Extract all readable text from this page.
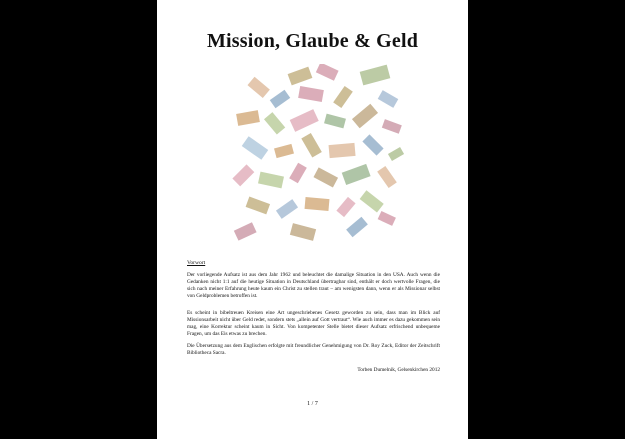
Mission, Glaube & Geld
Vorwort

Der vorliegende Aufsatz ist aus dem Jahr 1962 und beleuchtet die damalige Situation in den USA. Auch wenn die Gedanken nicht 1:1 auf die heutige Situation in Deutschland übertragbar sind, enthält er doch wertvolle Fragen, die sich nach meiner Erfahrung heute kaum ein Christ zu stellen traut – am wenigsten dann, wenn er als Missionar selbst von Geldproblemen betroffen ist.

Es scheint in bibeltreuen Kreisen eine Art ungeschriebenes Gesetz geworden zu sein, dass man im Blick auf Missionsarbeit nicht über Geld redet, sondern stets „allein auf Gott vertraut“. Wie auch immer es dazu gekommen sein mag, eine Korrektur scheint kaum in Sicht. Von kompetenter Stelle bietet dieser Aufsatz erfrischend unbequeme Fragen, um das Eis etwas zu brechen.

Die Übersetzung aus dem Englischen erfolgte mit freundlicher Genehmigung von Dr. Roy Zuck, Editor der Zeitschrift Bibliotheca Sacra.

Torben Dumelnik, Gelsenkirchen 2012
1 / 7
